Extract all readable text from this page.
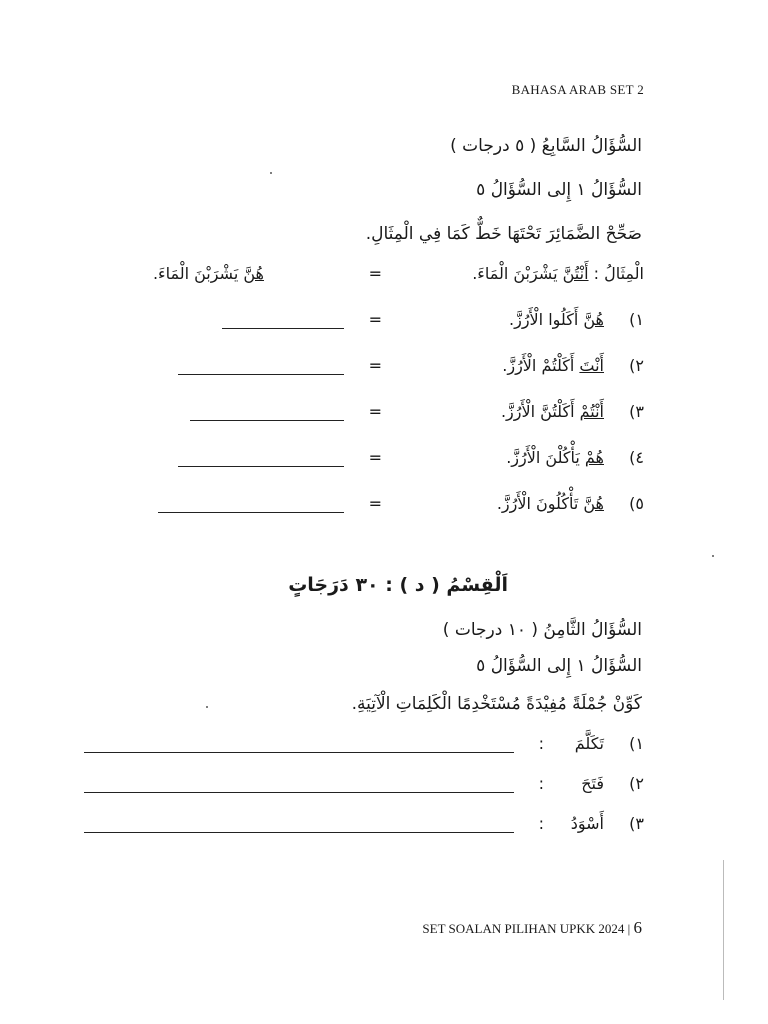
BAHASA ARAB SET 2
السُّؤَالُ السَّابِعُ ( ٥ درجات )
السُّؤَالُ ١ إِلى السُّؤَالُ ٥
صَحِّحْ الضَّمَائِرَ تَحْتَهَا خَطٌّ كَمَا فِي الْمِثَالِ.
الْمِثَالُ : أَنْتُنَّ يَشْرَبْنَ الْمَاءَ.
=
هُنَّ يَشْرَبْنَ الْمَاءَ.
١)
هُنَّ أَكَلُوا الْأَرُزَّ.
=
٢)
أَنْتَ أَكَلْتُمْ الْأَرُزَّ.
=
٣)
أَنْتُمْ أَكَلْتُنَّ الْأَرُزَّ.
=
٤)
هُمْ يَأْكُلْنَ الْأَرُزَّ.
=
٥)
هُنَّ تَأْكُلُونَ الْأَرُزَّ.
=
اَلْقِسْمُ ( د ) : ٣٠ دَرَجَاتٍ
السُّؤَالُ الثَّامِنُ ( ١٠ درجات )
السُّؤَالُ ١ إِلى السُّؤَالُ ٥
كَوِّنْ جُمْلَةً مُفِيْدَةً مُسْتَخْدِمًا الْكَلِمَاتِ الْآتِيَةِ.
١)
تَكَلَّمَ
:
٢)
فَتَحَ
:
٣)
أَسْوَدُ
:
SET SOALAN PILIHAN UPKK 2024 | 6
